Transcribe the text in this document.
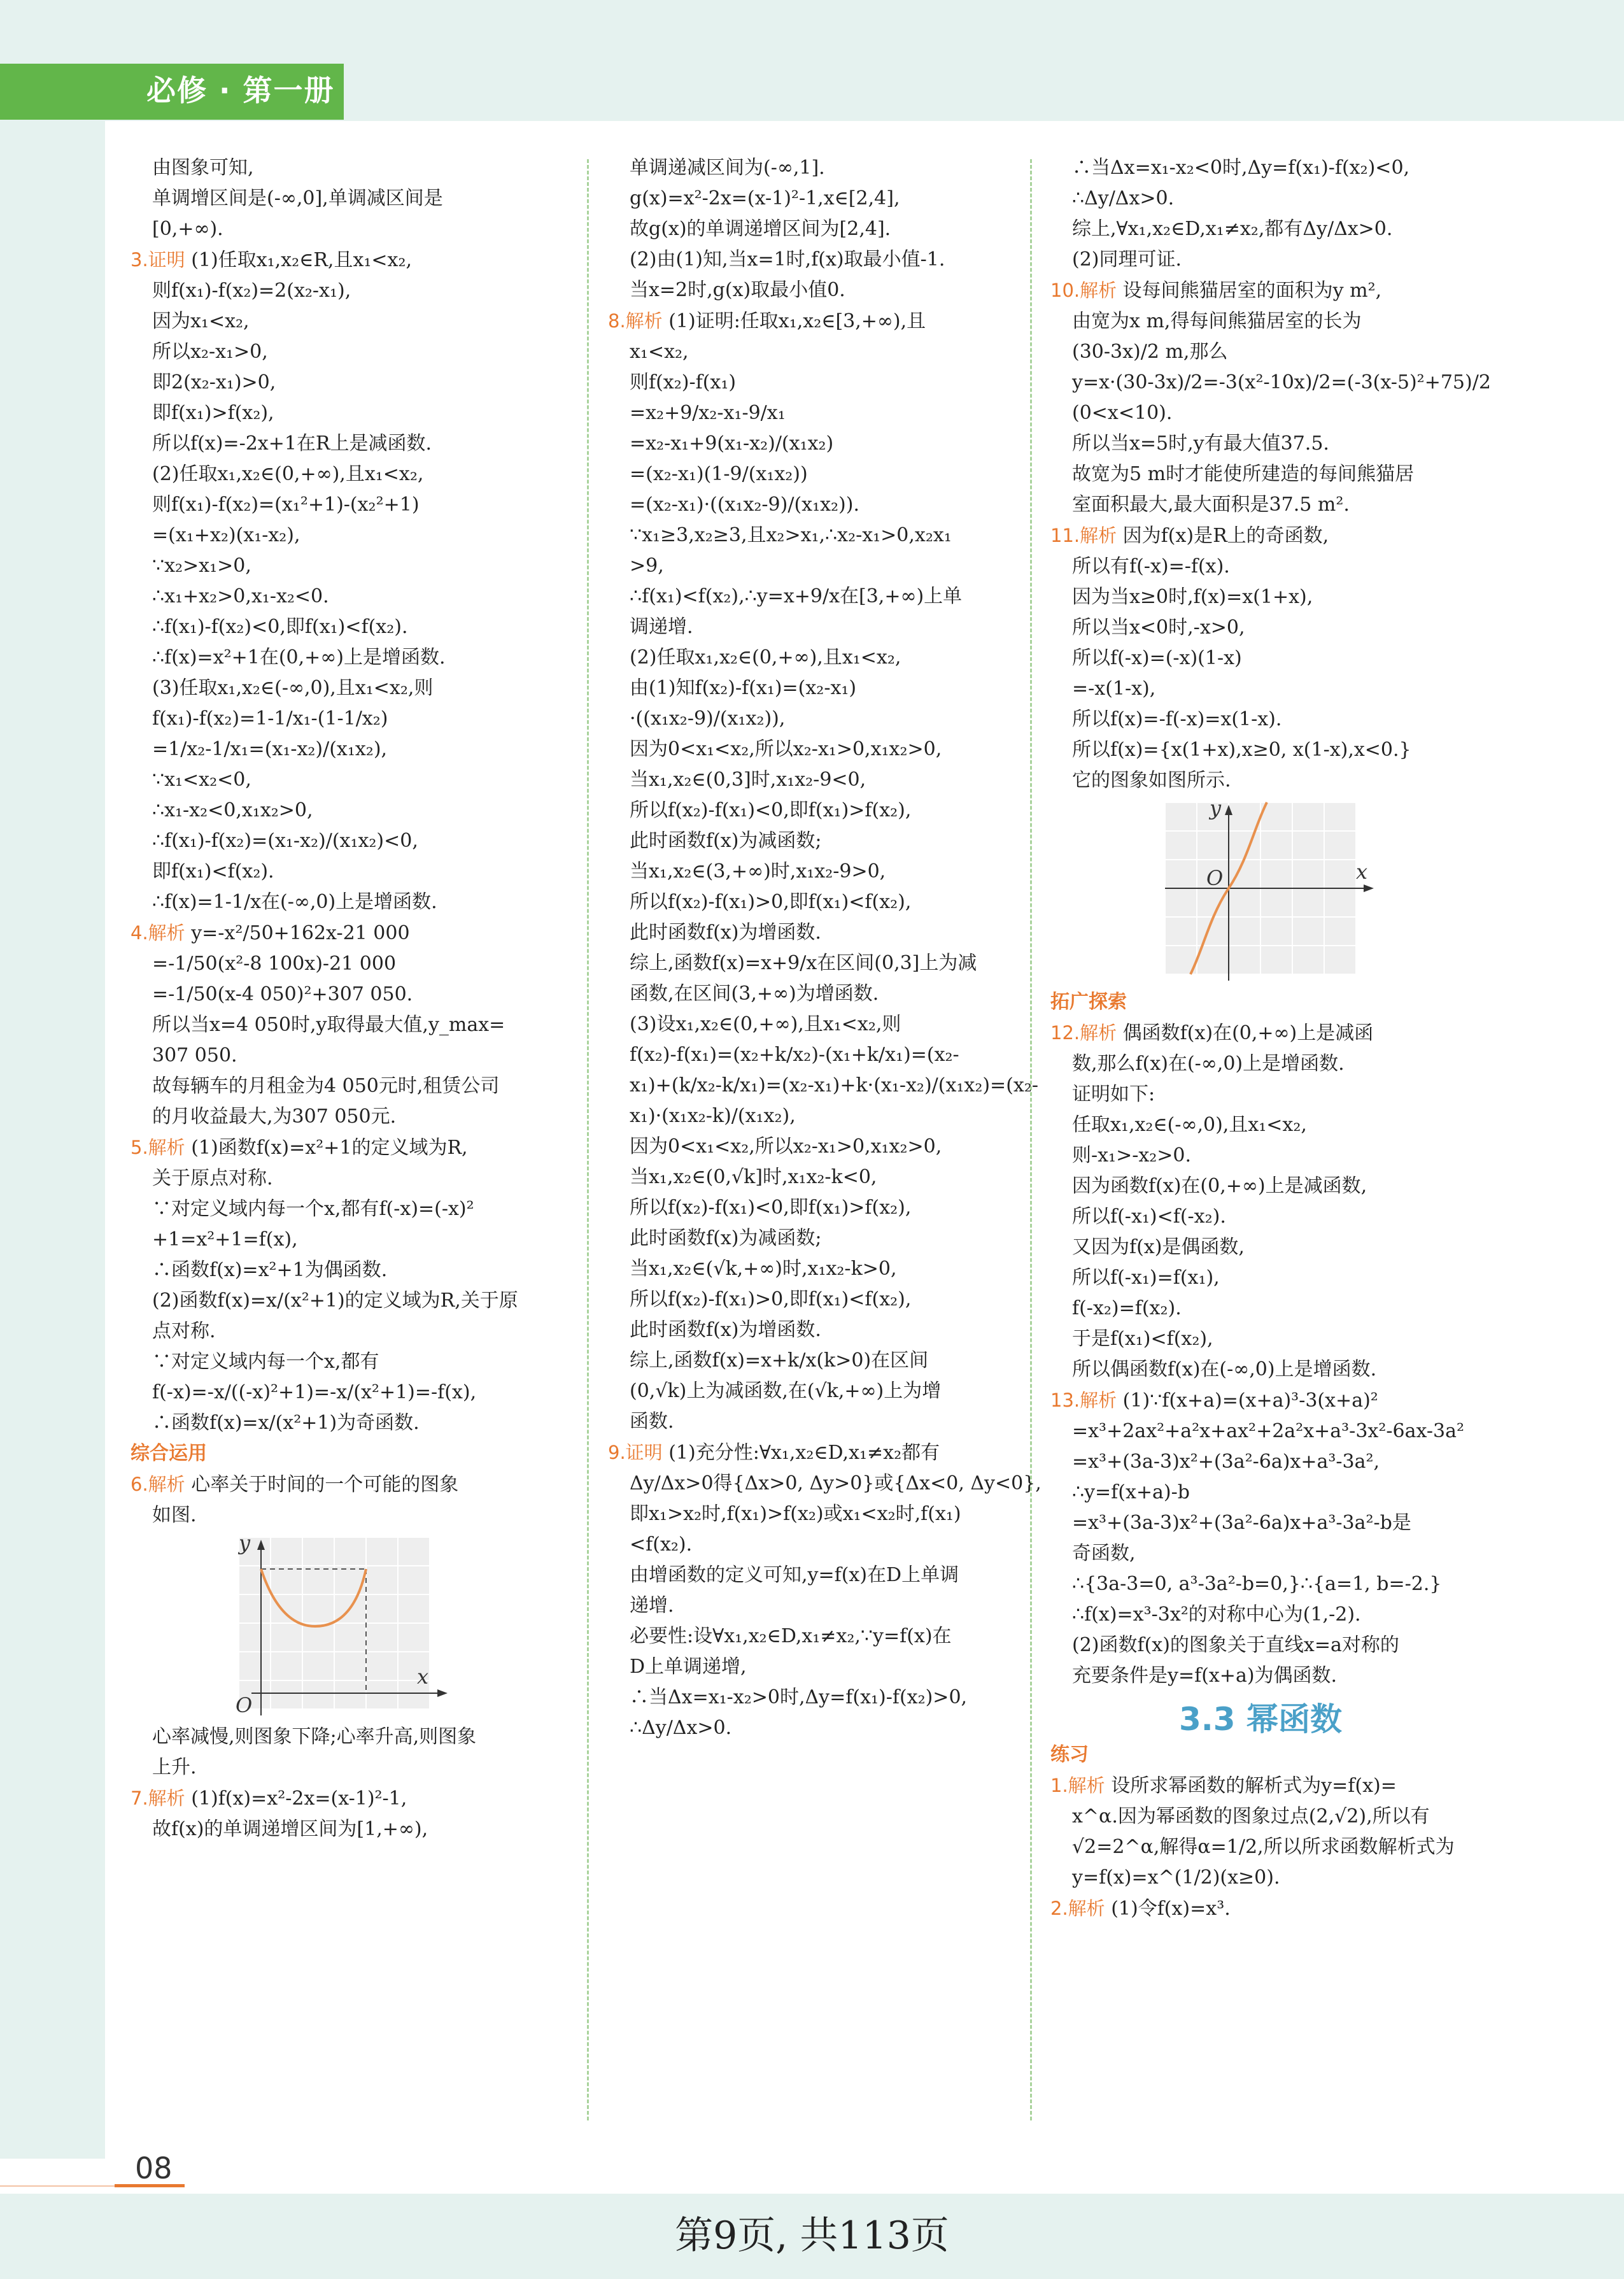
必修 · 第一册
由图象可知,
单调增区间是(-∞,0],单调减区间是
[0,+∞).
3.证明 (1)任取x₁,x₂∈R,且x₁<x₂,
则f(x₁)-f(x₂)=2(x₂-x₁),
因为x₁<x₂,
所以x₂-x₁>0,
即2(x₂-x₁)>0,
即f(x₁)>f(x₂),
所以f(x)=-2x+1在R上是减函数.
(2)任取x₁,x₂∈(0,+∞),且x₁<x₂,
则f(x₁)-f(x₂)=(x₁²+1)-(x₂²+1)
=(x₁+x₂)(x₁-x₂),
∵x₂>x₁>0,
∴x₁+x₂>0,x₁-x₂<0.
∴f(x₁)-f(x₂)<0,即f(x₁)<f(x₂).
∴f(x)=x²+1在(0,+∞)上是增函数.
(3)任取x₁,x₂∈(-∞,0),且x₁<x₂,则
f(x₁)-f(x₂)=1-1/x₁-(1-1/x₂)
=1/x₂-1/x₁=(x₁-x₂)/(x₁x₂),
∵x₁<x₂<0,
∴x₁-x₂<0,x₁x₂>0,
∴f(x₁)-f(x₂)=(x₁-x₂)/(x₁x₂)<0,
即f(x₁)<f(x₂).
∴f(x)=1-1/x在(-∞,0)上是增函数.
4.解析 y=-x²/50+162x-21 000
=-1/50(x²-8 100x)-21 000
=-1/50(x-4 050)²+307 050.
所以当x=4 050时,y取得最大值,y_max=
307 050.
故每辆车的月租金为4 050元时,租赁公司
的月收益最大,为307 050元.
5.解析 (1)函数f(x)=x²+1的定义域为R,
关于原点对称.
∵对定义域内每一个x,都有f(-x)=(-x)²
+1=x²+1=f(x),
∴函数f(x)=x²+1为偶函数.
(2)函数f(x)=x/(x²+1)的定义域为R,关于原
点对称.
∵对定义域内每一个x,都有
f(-x)=-x/((-x)²+1)=-x/(x²+1)=-f(x),
∴函数f(x)=x/(x²+1)为奇函数.
综合运用
6.解析 心率关于时间的一个可能的图象
如图.
y
x
O
心率减慢,则图象下降;心率升高,则图象
上升.
7.解析 (1)f(x)=x²-2x=(x-1)²-1,
故f(x)的单调递增区间为[1,+∞),
单调递减区间为(-∞,1].
g(x)=x²-2x=(x-1)²-1,x∈[2,4],
故g(x)的单调递增区间为[2,4].
(2)由(1)知,当x=1时,f(x)取最小值-1.
当x=2时,g(x)取最小值0.
8.解析 (1)证明:任取x₁,x₂∈[3,+∞),且
x₁<x₂,
则f(x₂)-f(x₁)
=x₂+9/x₂-x₁-9/x₁
=x₂-x₁+9(x₁-x₂)/(x₁x₂)
=(x₂-x₁)(1-9/(x₁x₂))
=(x₂-x₁)·((x₁x₂-9)/(x₁x₂)).
∵x₁≥3,x₂≥3,且x₂>x₁,∴x₂-x₁>0,x₂x₁
>9,
∴f(x₁)<f(x₂),∴y=x+9/x在[3,+∞)上单
调递增.
(2)任取x₁,x₂∈(0,+∞),且x₁<x₂,
由(1)知f(x₂)-f(x₁)=(x₂-x₁)
·((x₁x₂-9)/(x₁x₂)),
因为0<x₁<x₂,所以x₂-x₁>0,x₁x₂>0,
当x₁,x₂∈(0,3]时,x₁x₂-9<0,
所以f(x₂)-f(x₁)<0,即f(x₁)>f(x₂),
此时函数f(x)为减函数;
当x₁,x₂∈(3,+∞)时,x₁x₂-9>0,
所以f(x₂)-f(x₁)>0,即f(x₁)<f(x₂),
此时函数f(x)为增函数.
综上,函数f(x)=x+9/x在区间(0,3]上为减
函数,在区间(3,+∞)为增函数.
(3)设x₁,x₂∈(0,+∞),且x₁<x₂,则
f(x₂)-f(x₁)=(x₂+k/x₂)-(x₁+k/x₁)=(x₂-
x₁)+(k/x₂-k/x₁)=(x₂-x₁)+k·(x₁-x₂)/(x₁x₂)=(x₂-
x₁)·(x₁x₂-k)/(x₁x₂),
因为0<x₁<x₂,所以x₂-x₁>0,x₁x₂>0,
当x₁,x₂∈(0,√k]时,x₁x₂-k<0,
所以f(x₂)-f(x₁)<0,即f(x₁)>f(x₂),
此时函数f(x)为减函数;
当x₁,x₂∈(√k,+∞)时,x₁x₂-k>0,
所以f(x₂)-f(x₁)>0,即f(x₁)<f(x₂),
此时函数f(x)为增函数.
综上,函数f(x)=x+k/x(k>0)在区间
(0,√k)上为减函数,在(√k,+∞)上为增
函数.
9.证明 (1)充分性:∀x₁,x₂∈D,x₁≠x₂都有
Δy/Δx>0得{Δx>0, Δy>0}或{Δx<0, Δy<0},
即x₁>x₂时,f(x₁)>f(x₂)或x₁<x₂时,f(x₁)
<f(x₂).
由增函数的定义可知,y=f(x)在D上单调
递增.
必要性:设∀x₁,x₂∈D,x₁≠x₂,∵y=f(x)在
D上单调递增,
∴当Δx=x₁-x₂>0时,Δy=f(x₁)-f(x₂)>0,
∴Δy/Δx>0.
∴当Δx=x₁-x₂<0时,Δy=f(x₁)-f(x₂)<0,
∴Δy/Δx>0.
综上,∀x₁,x₂∈D,x₁≠x₂,都有Δy/Δx>0.
(2)同理可证.
10.解析 设每间熊猫居室的面积为y m²,
由宽为x m,得每间熊猫居室的长为
(30-3x)/2 m,那么
y=x·(30-3x)/2=-3(x²-10x)/2=(-3(x-5)²+75)/2
(0<x<10).
所以当x=5时,y有最大值37.5.
故宽为5 m时才能使所建造的每间熊猫居
室面积最大,最大面积是37.5 m².
11.解析 因为f(x)是R上的奇函数,
所以有f(-x)=-f(x).
因为当x≥0时,f(x)=x(1+x),
所以当x<0时,-x>0,
所以f(-x)=(-x)(1-x)
=-x(1-x),
所以f(x)=-f(-x)=x(1-x).
所以f(x)={x(1+x),x≥0, x(1-x),x<0.}
它的图象如图所示.
y
x
O
拓广探索
12.解析 偶函数f(x)在(0,+∞)上是减函
数,那么f(x)在(-∞,0)上是增函数.
证明如下:
任取x₁,x₂∈(-∞,0),且x₁<x₂,
则-x₁>-x₂>0.
因为函数f(x)在(0,+∞)上是减函数,
所以f(-x₁)<f(-x₂).
又因为f(x)是偶函数,
所以f(-x₁)=f(x₁),
f(-x₂)=f(x₂).
于是f(x₁)<f(x₂),
所以偶函数f(x)在(-∞,0)上是增函数.
13.解析 (1)∵f(x+a)=(x+a)³-3(x+a)²
=x³+2ax²+a²x+ax²+2a²x+a³-3x²-6ax-3a²
=x³+(3a-3)x²+(3a²-6a)x+a³-3a²,
∴y=f(x+a)-b
=x³+(3a-3)x²+(3a²-6a)x+a³-3a²-b是
奇函数,
∴{3a-3=0, a³-3a²-b=0,}∴{a=1, b=-2.}
∴f(x)=x³-3x²的对称中心为(1,-2).
(2)函数f(x)的图象关于直线x=a对称的
充要条件是y=f(x+a)为偶函数.
3.3 幂函数
练习
1.解析 设所求幂函数的解析式为y=f(x)=
x^α.因为幂函数的图象过点(2,√2),所以有
√2=2^α,解得α=1/2,所以所求函数解析式为
y=f(x)=x^(1/2)(x≥0).
2.解析 (1)令f(x)=x³.
08
第9页, 共113页
